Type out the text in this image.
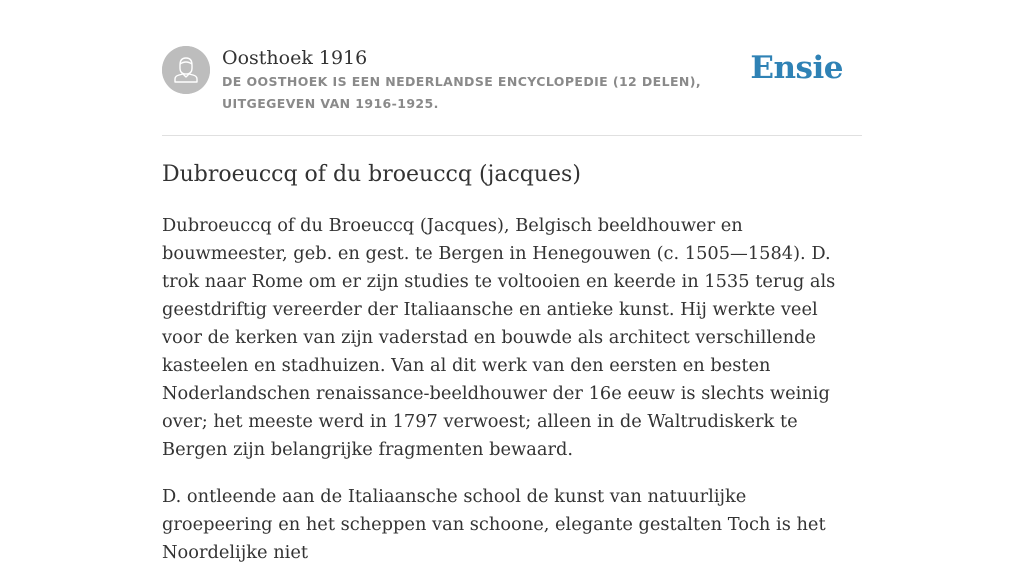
Oosthoek 1916
DE OOSTHOEK IS EEN NEDERLANDSE ENCYCLOPEDIE (12 DELEN), UITGEGEVEN VAN 1916-1925.
Ensie
Dubroeuccq of du broeuccq (jacques)

Dubroeuccq of du Broeuccq (Jacques), Belgisch beeldhouwer en bouwmeester, geb. en gest. te Bergen in Henegouwen (c. 1505—1584). D. trok naar Rome om er zijn studies te voltooien en keerde in 1535 terug als geestdriftig vereerder der Italiaansche en antieke kunst. Hij werkte veel voor de kerken van zijn vaderstad en bouwde als architect verschillende kasteelen en stadhuizen. Van al dit werk van den eersten en besten Noderlandschen renaissance-beeldhouwer der 16e eeuw is slechts weinig over; het meeste werd in 1797 verwoest; alleen in de Waltrudiskerk te Bergen zijn belangrijke fragmenten bewaard.

D. ontleende aan de Italiaansche school de kunst van natuurlijke groepeering en het scheppen van schoone, elegante gestalten Toch is het Noordelijke niet
